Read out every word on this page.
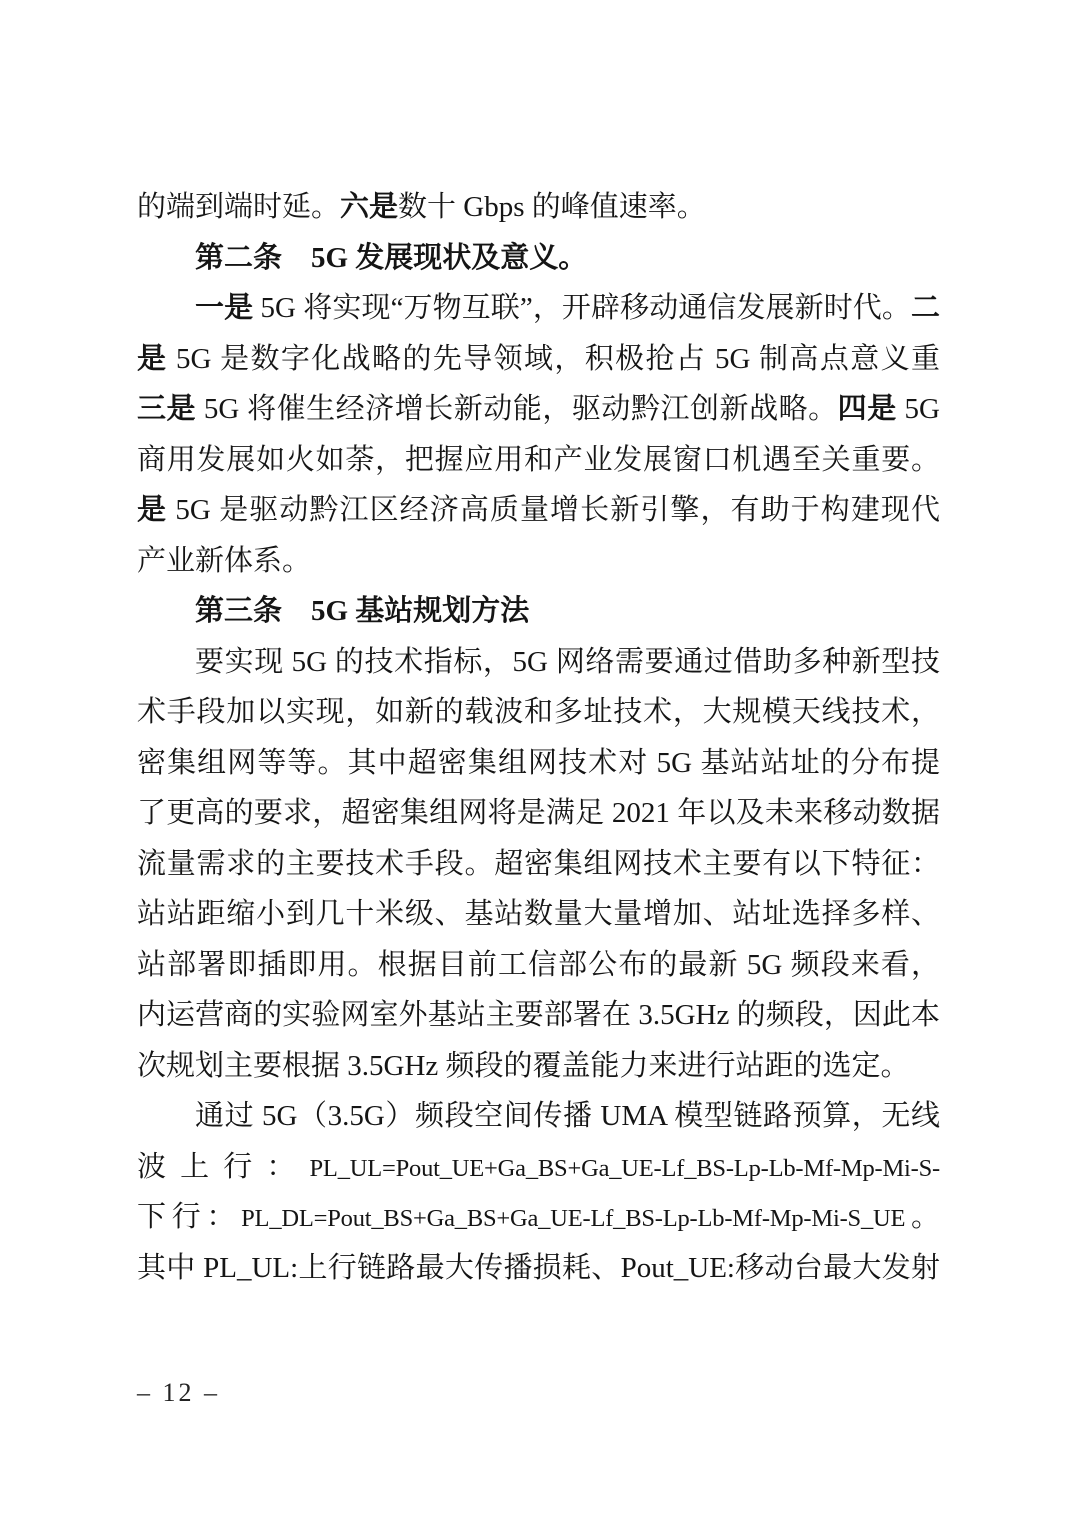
的端到端时延。六是数十 Gbps 的峰值速率。
第二条　5G 发展现状及意义。
一是 5G 将实现“万物互联”，开辟移动通信发展新时代。二
是 5G 是数字化战略的先导领域，积极抢占 5G 制高点意义重
三是 5G 将催生经济增长新动能，驱动黔江创新战略。四是 5G
商用发展如火如荼，把握应用和产业发展窗口机遇至关重要。
是 5G 是驱动黔江区经济高质量增长新引擎，有助于构建现代
产业新体系。
第三条　5G 基站规划方法
要实现 5G 的技术指标，5G 网络需要通过借助多种新型技
术手段加以实现，如新的载波和多址技术，大规模天线技术，
密集组网等等。其中超密集组网技术对 5G 基站站址的分布提
了更高的要求，超密集组网将是满足 2021 年以及未来移动数据
流量需求的主要技术手段。超密集组网技术主要有以下特征：
站站距缩小到几十米级、基站数量大量增加、站址选择多样、
站部署即插即用。根据目前工信部公布的最新 5G 频段来看，
内运营商的实验网室外基站主要部署在 3.5GHz 的频段，因此本
次规划主要根据 3.5GHz 频段的覆盖能力来进行站距的选定。
通过 5G（3.5G）频段空间传播 UMA 模型链路预算，无线
波上行：PL_UL=Pout_UE+Ga_BS+Ga_UE-Lf_BS-Lp-Lb-Mf-Mp-Mi-S-
下行：PL_DL=Pout_BS+Ga_BS+Ga_UE-Lf_BS-Lp-Lb-Mf-Mp-Mi-S_UE。
其中 PL_UL:上行链路最大传播损耗、Pout_UE:移动台最大发射
– 12 –
